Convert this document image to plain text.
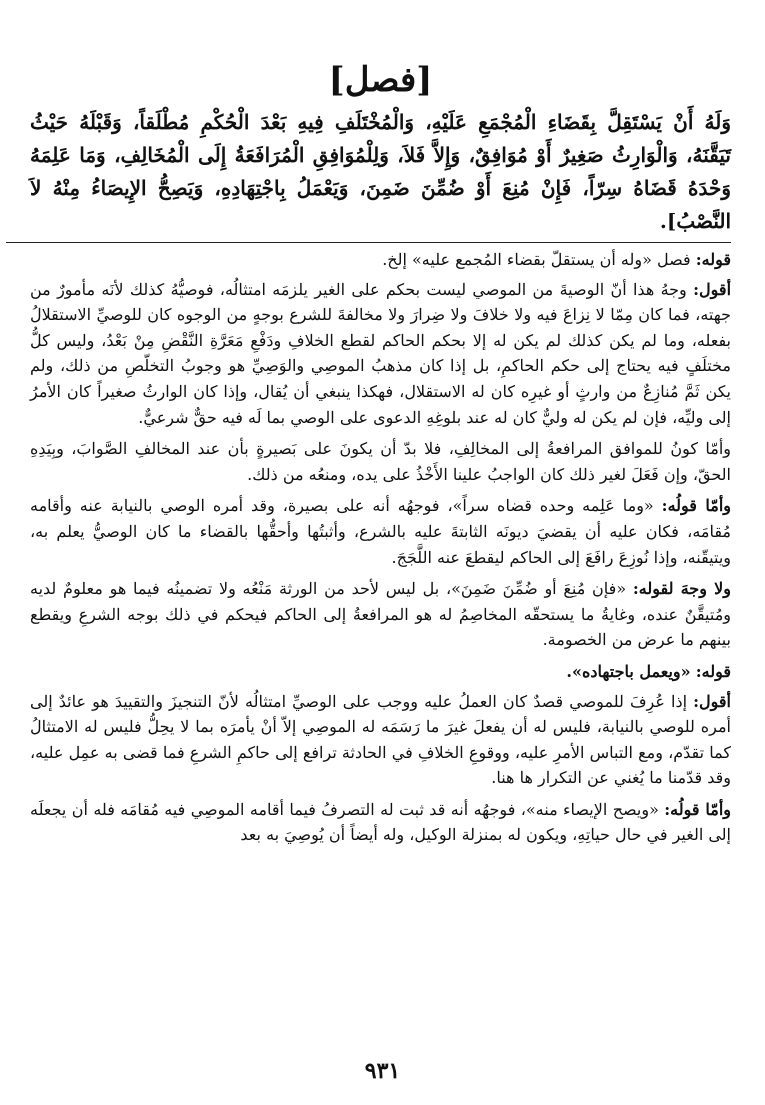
[فصل]

وَلَهُ أَنْ يَسْتَقِلَّ بِقَضَاءِ الْمُجْمَعِ عَلَيْهِ، وَالْمُخْتَلَفِ فِيهِ بَعْدَ الْحُكْمِ مُطْلَقاً، وَقَبْلَهُ حَيْثُ تَيَقَّنَهُ، وَالْوَارِثُ صَغِيرٌ أَوْ مُوَافِقٌ، وَإِلاَّ فَلاَ، وَلِلْمُوَافِقِ الْمُرَافَعَةُ إِلَى الْمُخَالِفِ، وَمَا عَلِمَهُ وَحْدَهُ قَضَاهُ سِرّاً، فَإِنْ مُنِعَ أَوْ ضُمِّنَ ضَمِنَ، وَيَعْمَلُ بِاجْتِهَادِهِ، وَيَصِحُّ الإِيصَاءُ مِنْهُ لاَ النَّصْبُ].

قوله: فصل «وله أن يستقلّ بقضاء المُجمع عليه» إلخ.

أقول: وجهُ هذا أنّ الوصيةَ من الموصي ليست بحكم على الغير يلزمَه امتثالُه، فوصيُّهُ كذلك لأنَه مأمورٌ من جهته، فما كان مِمّا لا نِزاعَ فيه ولا خلافَ ولا ضِرارَ ولا مخالفةَ للشرع بوجهٍ من الوجوه كان للوصيِّ الاستقلالُ بفعله، وما لم يكن كذلك لم يكن له إلا بحكم الحاكم لقطع الخلافِ ودَفْعِ مَعَرَّةِ النَّقْضِ مِنْ بَعْدُ، وليس كلُّ مختلَفٍ فيه يحتاج إلى حكم الحاكمِ، بل إذا كان مذهبُ الموصِي والوَصِيِّ هو وجوبُ التخلّصِ من ذلك، ولم يكن ثَمَّ مُنازِعٌ من وارثٍ أو غيرِه كان له الاستقلال، فهكذا ينبغي أن يُقال، وإذا كان الوارثُ صغيراً كان الأمرُ إلى وليِّه، فإن لم يكن له وليٌّ كان له عند بلوغِهِ الدعوى على الوصي بما لَه فيه حقٌّ شرعيٌّ.

وأمّا كونُ للموافق المرافعةُ إلى المخالِفِ، فلا بدّ أن يكونَ على بَصيرةٍ بأن عند المخالفِ الصَّوابَ، وبِيَدِهِ الحقّ، وإن فَعَلَ لغير ذلك كان الواجبُ علينا الأَخْذُ على يده، ومنعُه من ذلك.

وأمّا قولُه: «وما عَلِمه وحده قضاه سراً»، فوجهُه أنه على بصيرة، وقد أمره الوصي بالنيابة عنه وأقامه مُقامَه، فكان عليه أن يقضيَ ديونَه الثابتةَ عليه بالشرع، وأثبتُها وأحقُّها بالقضاء ما كان الوصيُّ يعلم به، ويتيقّنه، وإذا نُوزِعَ رافَعَ إلى الحاكم ليقطعَ عنه اللَّجَجَ.

ولا وجهَ لقوله: «فإن مُنِعَ أو ضُمِّنَ ضَمِنَ»، بل ليس لأحد من الورثة مَنْعُه ولا تضمينُه فيما هو معلومٌ لديه ومُتيقَّنٌ عنده، وغايةُ ما يستحقّه المخاصِمُ له هو المرافعةُ إلى الحاكم فيحكم في ذلك بوجه الشرعِ ويقطع بينهم ما عرض من الخصومة.

قوله: «ويعمل باجتهاده».

أقول: إذا عُرِفَ للموصي قصدٌ كان العملُ عليه ووجب على الوصيِّ امتثالُه لأنّ التنجيزَ والتقييدَ هو عائدٌ إلى أمره للوصي بالنيابة، فليس له أن يفعلَ غيرَ ما رَسَمَه له الموصِي إلاّ أنْ يأمرَه بما لا يحِلُّ فليس له الامتثالُ كما تقدّم، ومع التباس الأمرِ عليه، ووقوعِ الخلافِ في الحادثة ترافع إلى حاكمِ الشرعِ فما قضى به عمِل عليه، وقد قدّمنا ما يُغني عن التكرار ها هنا.

وأمّا قولُه: «ويصح الإيصاء منه»، فوجهُه أنه قد ثبت له التصرفُ فيما أقامه الموصِي فيه مُقامَه فله أن يجعلَه إلى الغير في حال حياتِهِ، ويكون له بمنزلة الوكيل، وله أيضاً أن يُوصِيَ به بعد

٩٣١
